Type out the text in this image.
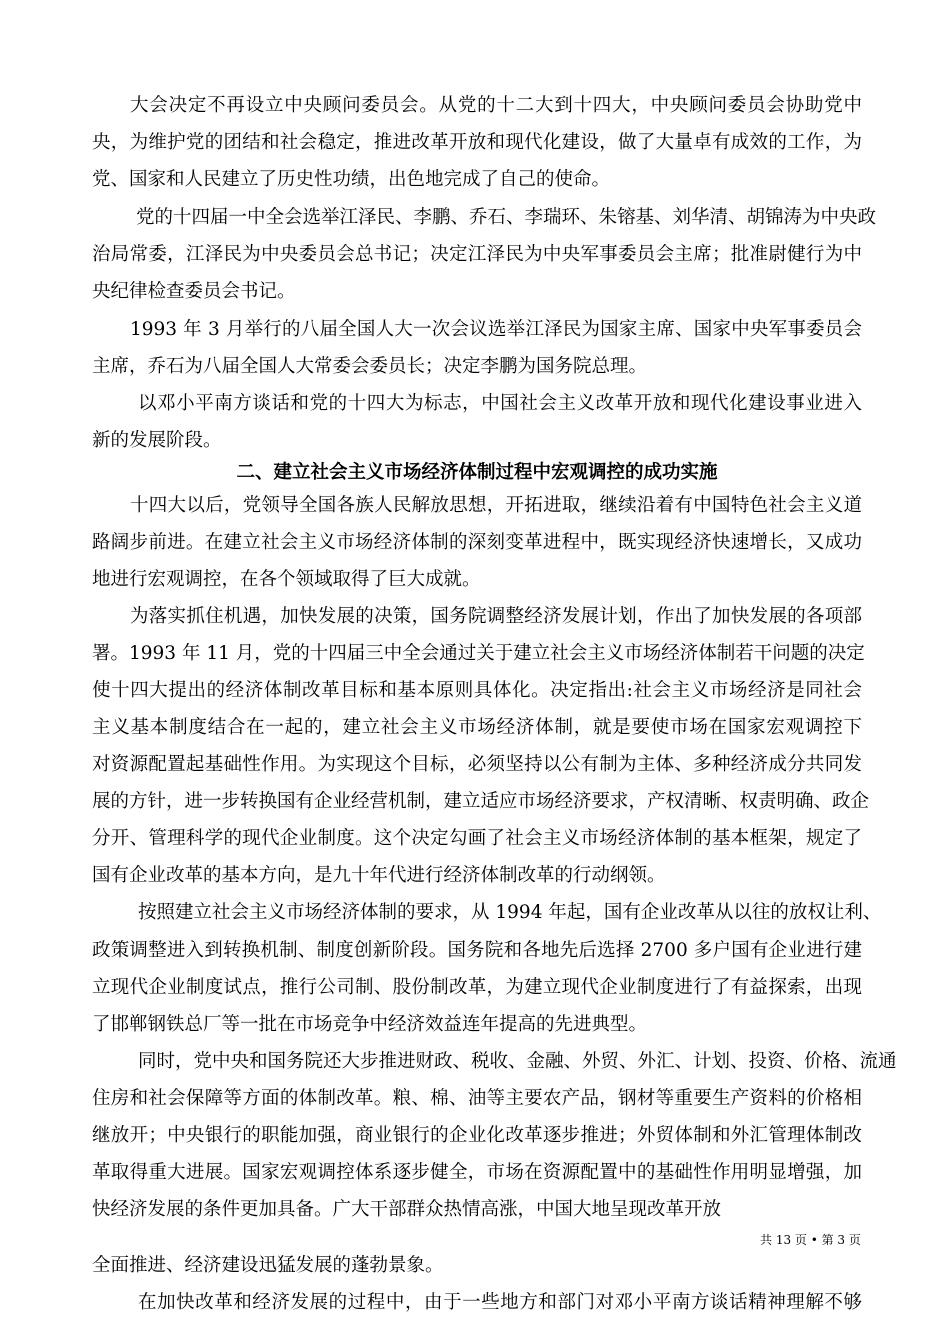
大会决定不再设立中央顾问委员会。从党的十二大到十四大，中央顾问委员会协助党中
央，为维护党的团结和社会稳定，推进改革开放和现代化建设，做了大量卓有成效的工作，为
党、国家和人民建立了历史性功绩，出色地完成了自己的使命。
党的十四届一中全会选举江泽民、李鹏、乔石、李瑞环、朱镕基、刘华清、胡锦涛为中央政
治局常委，江泽民为中央委员会总书记；决定江泽民为中央军事委员会主席；批准尉健行为中
央纪律检查委员会书记。
1993 年 3 月举行的八届全国人大一次会议选举江泽民为国家主席、国家中央军事委员会
主席，乔石为八届全国人大常委会委员长；决定李鹏为国务院总理。
以邓小平南方谈话和党的十四大为标志，中国社会主义改革开放和现代化建设事业进入
新的发展阶段。
二、建立社会主义市场经济体制过程中宏观调控的成功实施
十四大以后，党领导全国各族人民解放思想，开拓进取，继续沿着有中国特色社会主义道
路阔步前进。在建立社会主义市场经济体制的深刻变革进程中，既实现经济快速增长，又成功
地进行宏观调控，在各个领域取得了巨大成就。
为落实抓住机遇，加快发展的决策，国务院调整经济发展计划，作出了加快发展的各项部
署。1993 年 11 月，党的十四届三中全会通过关于建立社会主义市场经济体制若干问题的决定
使十四大提出的经济体制改革目标和基本原则具体化。决定指出:社会主义市场经济是同社会
主义基本制度结合在一起的，建立社会主义市场经济体制，就是要使市场在国家宏观调控下
对资源配置起基础性作用。为实现这个目标，必须坚持以公有制为主体、多种经济成分共同发
展的方针，进一步转换国有企业经营机制，建立适应市场经济要求，产权清晰、权责明确、政企
分开、管理科学的现代企业制度。这个决定勾画了社会主义市场经济体制的基本框架，规定了
国有企业改革的基本方向，是九十年代进行经济体制改革的行动纲领。
按照建立社会主义市场经济体制的要求，从 1994 年起，国有企业改革从以往的放权让利、
政策调整进入到转换机制、制度创新阶段。国务院和各地先后选择 2700 多户国有企业进行建
立现代企业制度试点，推行公司制、股份制改革，为建立现代企业制度进行了有益探索，出现
了邯郸钢铁总厂等一批在市场竞争中经济效益连年提高的先进典型。
同时，党中央和国务院还大步推进财政、税收、金融、外贸、外汇、计划、投资、价格、流通
住房和社会保障等方面的体制改革。粮、棉、油等主要农产品，钢材等重要生产资料的价格相
继放开；中央银行的职能加强，商业银行的企业化改革逐步推进；外贸体制和外汇管理体制改
革取得重大进展。国家宏观调控体系逐步健全，市场在资源配置中的基础性作用明显增强，加
快经济发展的条件更加具备。广大干部群众热情高涨，中国大地呈现改革开放
共 13 页 • 第 3 页
全面推进、经济建设迅猛发展的蓬勃景象。
在加快改革和经济发展的过程中，由于一些地方和部门对邓小平南方谈话精神理解不够
